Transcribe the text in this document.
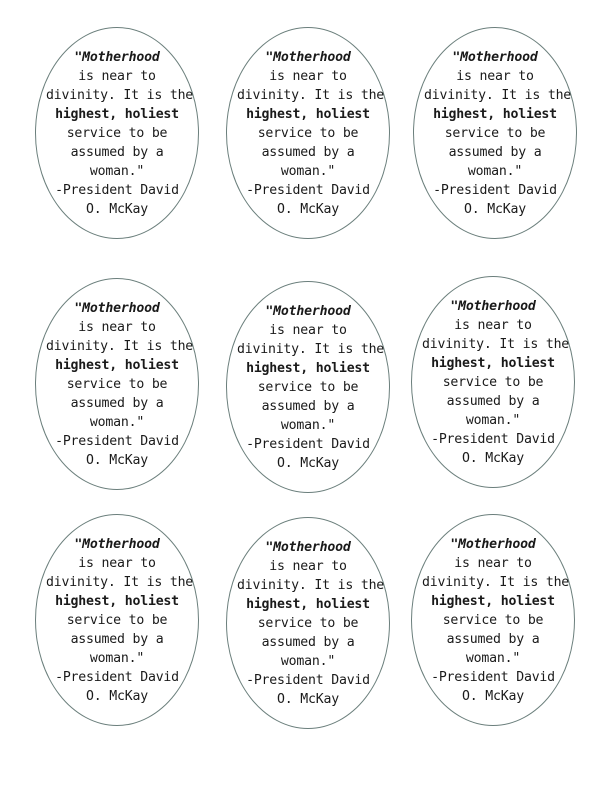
"Motherhood
is near to
divinity. It is the
highest, holiest
service to be
assumed by a
woman."
-President David
O. McKay
"Motherhood
is near to
divinity. It is the
highest, holiest
service to be
assumed by a
woman."
-President David
O. McKay
"Motherhood
is near to
divinity. It is the
highest, holiest
service to be
assumed by a
woman."
-President David
O. McKay
"Motherhood
is near to
divinity. It is the
highest, holiest
service to be
assumed by a
woman."
-President David
O. McKay
"Motherhood
is near to
divinity. It is the
highest, holiest
service to be
assumed by a
woman."
-President David
O. McKay
"Motherhood
is near to
divinity. It is the
highest, holiest
service to be
assumed by a
woman."
-President David
O. McKay
"Motherhood
is near to
divinity. It is the
highest, holiest
service to be
assumed by a
woman."
-President David
O. McKay
"Motherhood
is near to
divinity. It is the
highest, holiest
service to be
assumed by a
woman."
-President David
O. McKay
"Motherhood
is near to
divinity. It is the
highest, holiest
service to be
assumed by a
woman."
-President David
O. McKay
